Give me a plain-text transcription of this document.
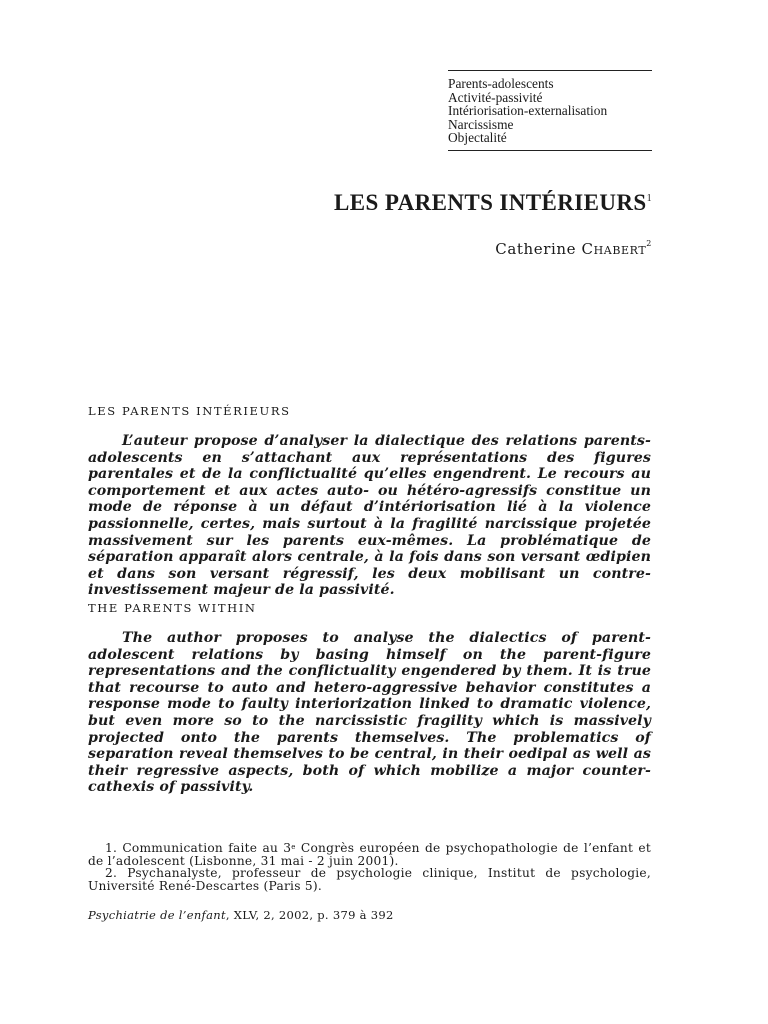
Parents-adolescents
Activité-passivité
Intériorisation-externalisation
Narcissisme
Objectalité
LES PARENTS INTÉRIEURS$^1$
Catherine Chabert$^2$
LES PARENTS INTÉRIEURS

L’auteur propose d’analyser la dialectique des relations parents-adolescents en s’attachant aux représentations des figures parentales et de la conflictualité qu’elles engendrent. Le recours au comportement et aux actes auto- ou hétéro-agressifs constitue un mode de réponse à un défaut d’intériorisation lié à la violence passionnelle, certes, mais surtout à la fragilité narcissique projetée massivement sur les parents eux-mêmes. La problématique de séparation apparaît alors centrale, à la fois dans son versant œdipien et dans son versant régressif, les deux mobilisant un contre-investissement majeur de la passivité.

THE PARENTS WITHIN

The author proposes to analyse the dialectics of parent-adolescent relations by basing himself on the parent-figure representations and the conflictuality engendered by them. It is true that recourse to auto and hetero-aggressive behavior constitutes a response mode to faulty interiorization linked to dramatic violence, but even more so to the narcissistic fragility which is massively projected onto the parents themselves. The problematics of separation reveal themselves to be central, in their oedipal as well as their regressive aspects, both of which mobilize a major counter-cathexis of passivity.

1. Communication faite au 3e Congrès européen de psychopathologie de l’enfant et de l’adolescent (Lisbonne, 31 mai - 2 juin 2001).

2. Psychanalyste, professeur de psychologie clinique, Institut de psychologie, Université René-Descartes (Paris 5).

Psychiatrie de l’enfant, XLV, 2, 2002, p. 379 à 392
